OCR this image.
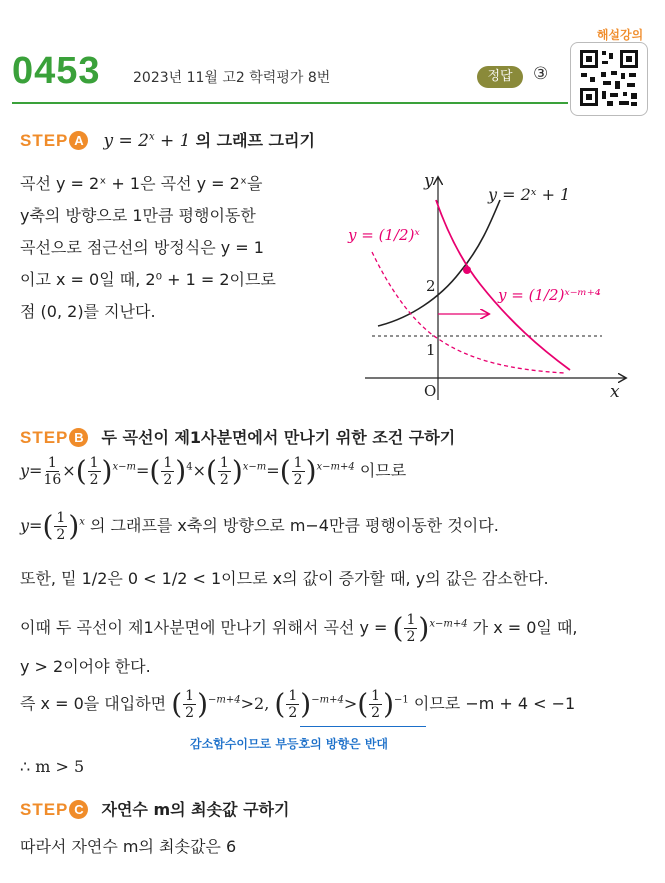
0453 2023년 11월 고2 학력평가 8번	정답	③
해설강의
STEP A $y = 2^x + 1$ 의 그래프 그리기
곡선 y = 2ˣ + 1은 곡선 y = 2ˣ을
y축의 방향으로 1만큼 평행이동한
곡선으로 점근선의 방정식은 y = 1
이고 x = 0일 때, 2⁰ + 1 = 2이므로
점 (0, 2)를 지난다.
y
x
O
2
1
y = 2ˣ + 1
y = (1/2)ˣ
y = (1/2)ˣ⁻ᵐ⁺⁴
STEP B 두 곡선이 제1사분면에서 만나기 위한 조건 구하기
$y= \frac{1}{16}$ ×( $\frac{1}{2} )^{x-m}=( \frac{1}{2} )^4\times( \frac{1}{2} )^{x-m}=( \frac{1}{2} )^{x-m+4}$ 이므로
$y=( \frac{1}{2} )^x$ 의 그래프를 x축의 방향으로 m−4만큼 평행이동한 것이다.
또한, 밑 1/2은 0 < 1/2 < 1이므로 x의 값이 증가할 때, y의 값은 감소한다.
이때 두 곡선이 제1사분면에 만나기 위해서 곡선 y = ( $\frac{1}{2} )^{x-m+4}$ 가 x = 0일 때,
y > 2이어야 한다.
즉 x = 0을 대입하면 ( $\frac{1}{2} )^{-m+4}>2$, ( $\frac{1}{2} )^{-m+4}>( \frac{1}{2} )^{-1}$ 이므로 −m + 4 < −1
감소함수이므로 부등호의 방향은 반대
∴ m > 5
STEP C 자연수 m의 최솟값 구하기
따라서 자연수 m의 최솟값은 6
